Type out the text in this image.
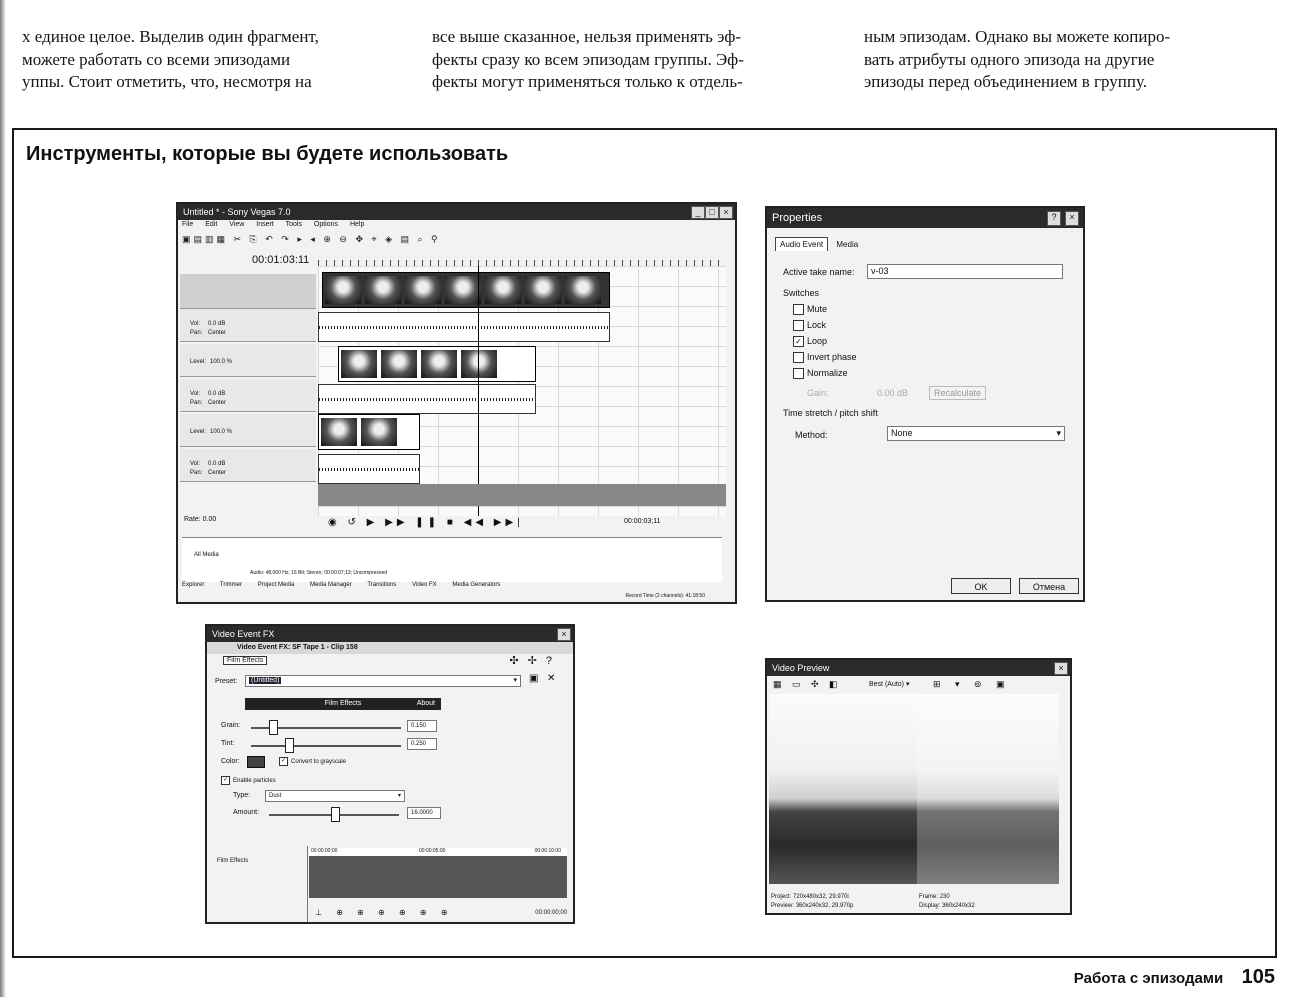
х единое целое. Выделив один фрагмент,

можете работать со всеми эпизодами

уппы. Стоит отметить, что, несмотря на

все выше сказанное, нельзя применять эф-

фекты сразу ко всем эпизодам группы. Эф-

фекты могут применяться только к отдель-

ным эпизодам. Однако вы можете копиро-

вать атрибуты одного эпизода на другие

эпизоды перед объединением в группу.

Инструменты, которые вы будете использовать
Untitled * - Sony Vegas 7.0	_ □ ×
File Edit View Insert Tools Options Help
▣▤▥▦ ✂ ⎘ ↶ ↷ ▸ ◂ ⊕ ⊖ ✥ ⌖ ◈ ▤ ⌕ ⚲
00:01:03:11
Vol: 0.0 dB
Pan: Center
Level: 100.0 %
Vol: 0.0 dB
Pan: Center
Level: 100.0 %
Vol: 0.0 dB
Pan: Center
◉ ↺ ▶ ▶▶ ❚❚ ■ ◀◀ ▶▶|	00:00:03;11
Rate: 0.00
All Media
Audio: 48,000 Hz; 16 Bit; Stereo; 00:00:07;13; Uncompressed
Explorer	Trimmer	Project Media	Media Manager	Transitions	Video FX	Media Generators
Record Time (2 channels): 41:18:50
Properties	?	×
Audio Event Media
Active take name:	v-03
Switches
Mute
Lock
✓ Loop
Invert phase
Normalize
Gain:	0.00 dB	Recalculate
Time stretch / pitch shift
Method:	None	▾
OK	Отмена
Video Event FX	×
Video Event FX: SF Tape 1 - Clip 158
Film Effects	✣ ✢ ?
Preset:	(Untitled)	▾ ▣ ✕
Film Effects	About
Grain:	0.150
Tint:	0.250
Color:	✓ Convert to grayscale
✓ Enable particles
Type:	Dust	▾
Amount:	16.0000
Film Effects
00:00:00:00	00:00:05:00	00:00:10:00
⊥ ⊕ ⊕ ⊕ ⊕ ⊕ ⊕	00:00:00;00
Video Preview	×
▦ ▭ ✣ ◧	Best (Auto) ▾	⊞ ▾ ⊚ ▣
Project: 720x480x32, 29.970i
Preview: 360x240x32, 29.970p
Frame: 230
Display: 360x240x32
Работа с эпизодами 105
